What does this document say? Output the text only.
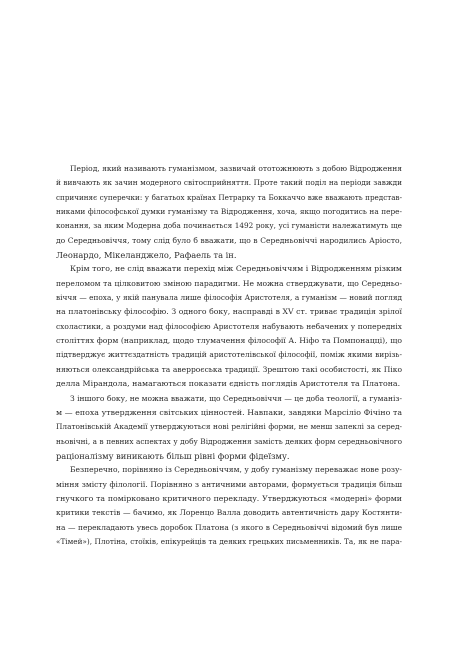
Період, який називають гуманізмом, зазвичай ототожнюють з добою Відродження
й вивчають як зачин модерного світосприйняття. Проте такий поділ на періоди завжди
спричиняє суперечки: у багатьох країнах Петрарку та Боккаччо вже вважають представ-
никами філософської думки гуманізму та Відродження, хоча, якщо погодитись на пере-
конання, за яким Модерна доба починається 1492 року, усі гуманісти належатимуть ще
до Середньовіччя, тому слід було б вважати, що в Середньовіччі народились Аріосто,
Леонардо, Мікеланджело, Рафаель та ін.
Крім того, не слід вважати перехід між Середньовіччям і Відродженням різким
переломом та цілковитою зміною парадигми. Не можна стверджувати, що Середньо-
віччя — епоха, у якій панувала лише філософія Аристотеля, а гуманізм — новий погляд
на платонівську філософію. З одного боку, насправді в XV ст. триває традиція зрілої
схоластики, а роздуми над філософією Аристотеля набувають небачених у попередніх
століттях форм (наприклад, щодо тлумачення філософії А. Ніфо та Помпонацці), що
підтверджує життєздатність традицій аристотелівської філософії, поміж якими вирізь-
няються олександрійська та аверроєська традиції. Зрештою такі особистості, як Піко
делла Мірандола, намагаються показати єдність поглядів Аристотеля та Платона.
З іншого боку, не можна вважати, що Середньовіччя — це доба теології, а гуманіз-
м — епоха утвердження світських цінностей. Навпаки, завдяки Марсіліо Фічіно та
Платонівській Академії утверджуються нові релігійні форми, не менш запеклі за серед-
ньовічні, а в певних аспектах у добу Відродження замість деяких форм середньовічного
раціоналізму виникають більш рівні форми фідеїзму.
Безперечно, порівняно із Середньовіччям, у добу гуманізму переважає нове розу-
міння змісту філології. Порівняно з античними авторами, формується традиція більш
гнучкого та помірковано критичного перекладу. Утверджуються «модерні» форми
критики текстів — бачимо, як Лоренцо Валла доводить автентичність дару Костянти-
на — перекладають увесь доробок Платона (з якого в Середньовіччі відомий був лише
«Тімей»), Плотіна, стоїків, епікурейців та деяких грецьких письменників. Та, як не пара-
